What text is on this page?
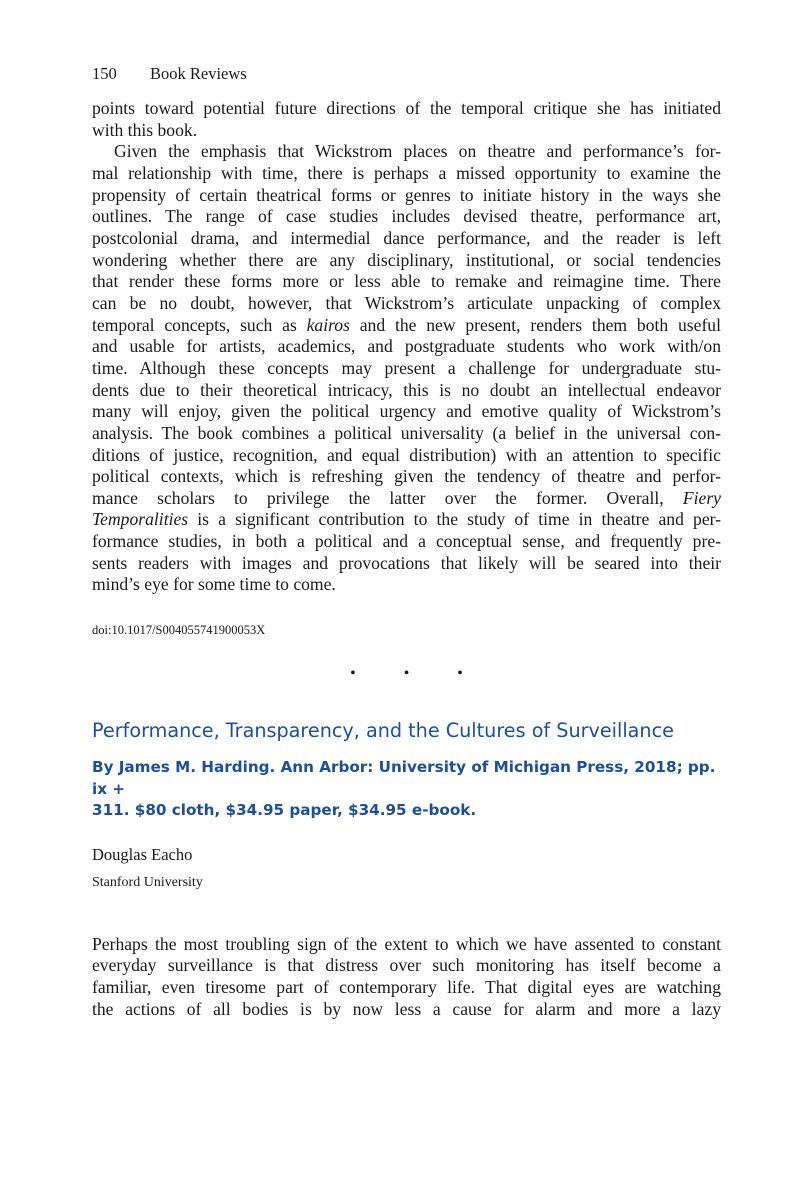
150 Book Reviews
points toward potential future directions of the temporal critique she has initiated
with this book.
Given the emphasis that Wickstrom places on theatre and performance’s for-
mal relationship with time, there is perhaps a missed opportunity to examine the
propensity of certain theatrical forms or genres to initiate history in the ways she
outlines. The range of case studies includes devised theatre, performance art,
postcolonial drama, and intermedial dance performance, and the reader is left
wondering whether there are any disciplinary, institutional, or social tendencies
that render these forms more or less able to remake and reimagine time. There
can be no doubt, however, that Wickstrom’s articulate unpacking of complex
temporal concepts, such as kairos and the new present, renders them both useful
and usable for artists, academics, and postgraduate students who work with/on
time. Although these concepts may present a challenge for undergraduate stu-
dents due to their theoretical intricacy, this is no doubt an intellectual endeavor
many will enjoy, given the political urgency and emotive quality of Wickstrom’s
analysis. The book combines a political universality (a belief in the universal con-
ditions of justice, recognition, and equal distribution) with an attention to specific
political contexts, which is refreshing given the tendency of theatre and perfor-
mance scholars to privilege the latter over the former. Overall, Fiery
Temporalities is a significant contribution to the study of time in theatre and per-
formance studies, in both a political and a conceptual sense, and frequently pre-
sents readers with images and provocations that likely will be seared into their
mind’s eye for some time to come.
doi:10.1017/S004055741900053X
• • •
Performance, Transparency, and the Cultures of Surveillance
By James M. Harding. Ann Arbor: University of Michigan Press, 2018; pp. ix +
311. $80 cloth, $34.95 paper, $34.95 e-book.
Douglas Eacho
Stanford University
Perhaps the most troubling sign of the extent to which we have assented to constant
everyday surveillance is that distress over such monitoring has itself become a
familiar, even tiresome part of contemporary life. That digital eyes are watching
the actions of all bodies is by now less a cause for alarm and more a lazy
